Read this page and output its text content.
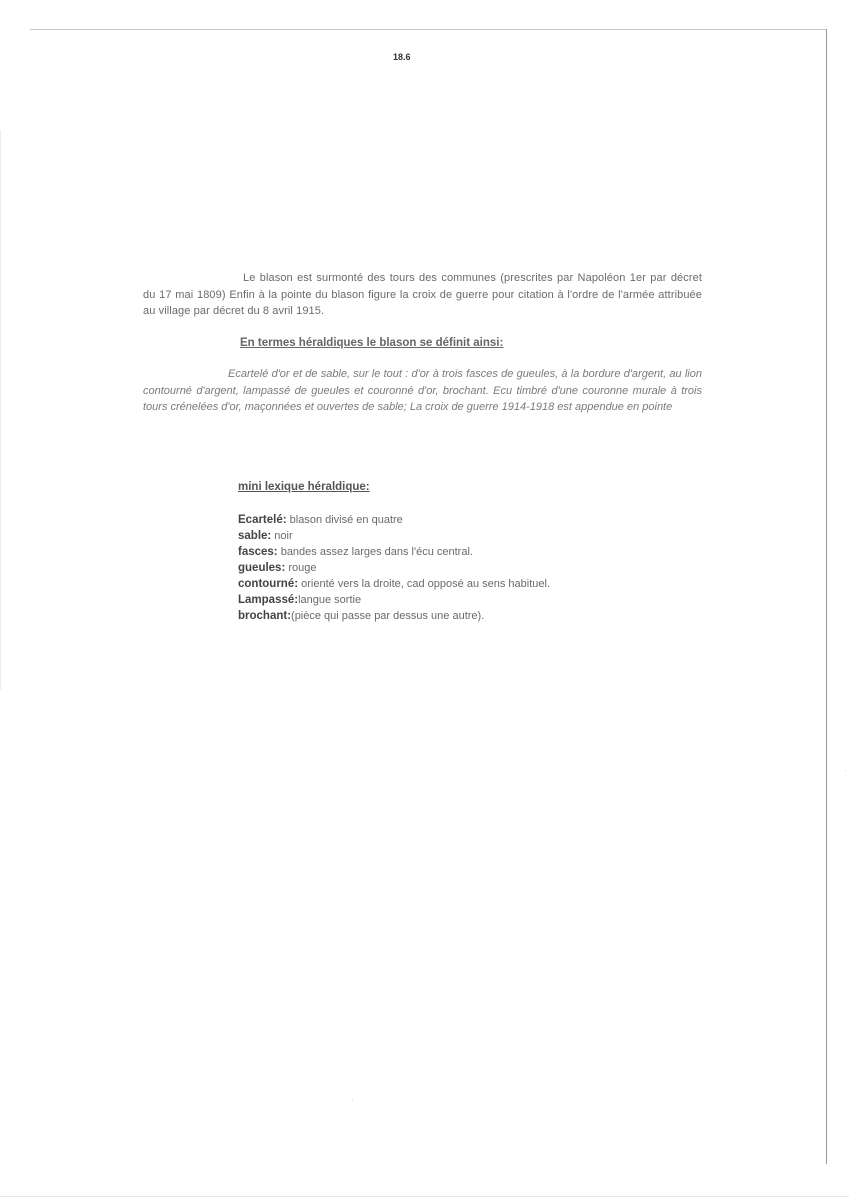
18.6

Le blason est surmonté des tours des communes (prescrites par Napoléon 1er par décret du 17 mai 1809) Enfin à la pointe du blason figure la croix de guerre pour citation à l'ordre de l'armée attribuée au village par décret du 8 avril 1915.

En termes héraldiques le blason se définit ainsi:

Ecartelé d'or et de sable, sur le tout : d'or à trois fasces de gueules, à la bordure d'argent, au lion contourné d'argent, lampassé de gueules et couronné d'or, brochant. Ecu timbré d'une couronne murale à trois tours crénelées d'or, maçonnées et ouvertes de sable; La croix de guerre 1914-1918 est appendue en pointe

mini lexique héraldique:
Ecartelé: blason divisé en quatre
sable: noir
fasces: bandes assez larges dans l'écu central.
gueules: rouge
contourné: orienté vers la droite, cad opposé au sens habituel.
Lampassé:langue sortie
brochant:(pièce qui passe par dessus une autre).
